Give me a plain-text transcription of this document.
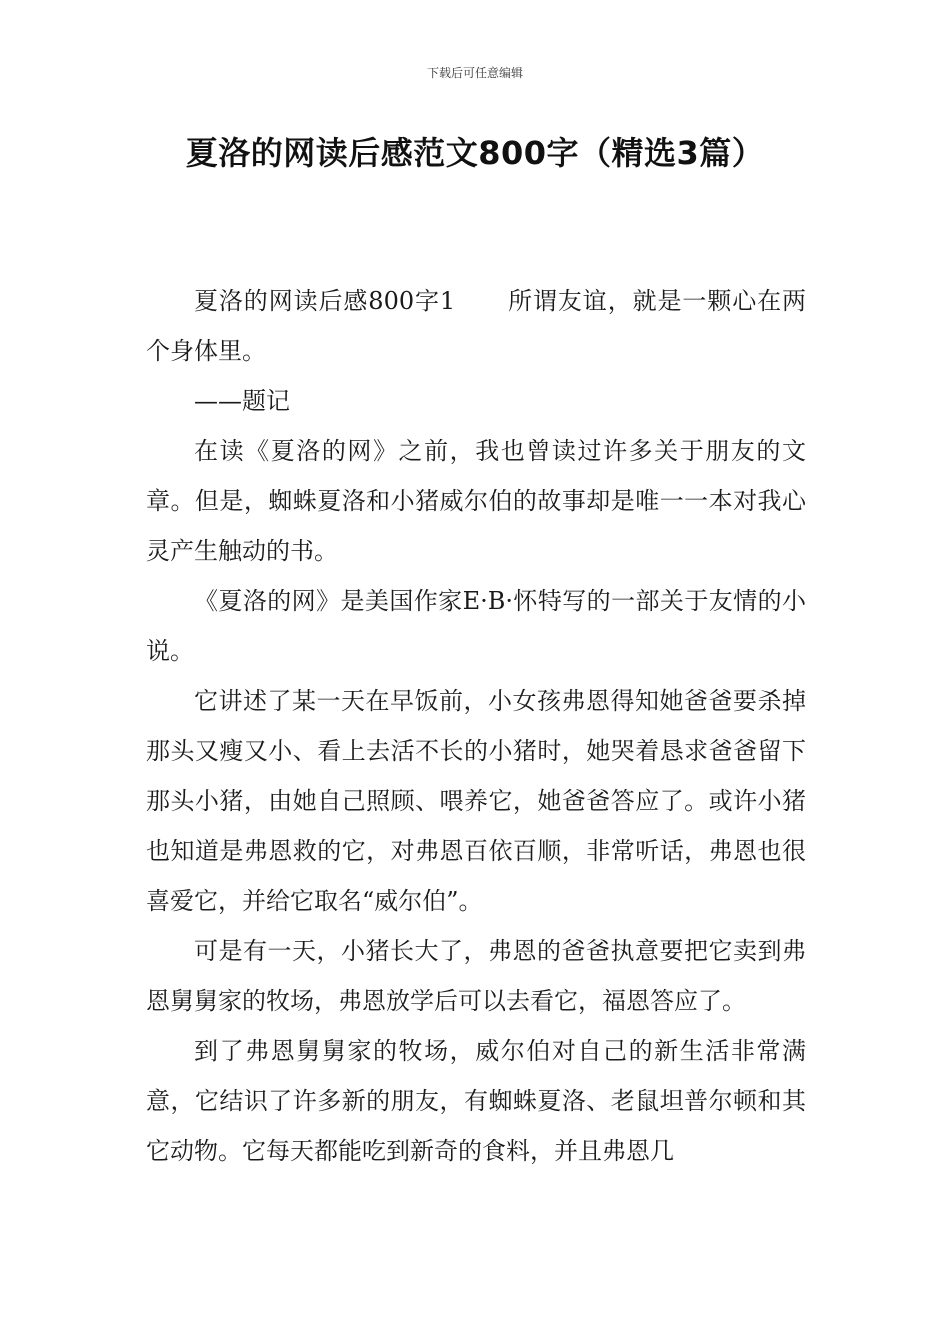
下载后可任意编辑
夏洛的网读后感范文800字（精选3篇）

夏洛的网读后感800字1 所谓友谊，就是一颗心在两个身体里。

——题记

在读《夏洛的网》之前，我也曾读过许多关于朋友的文章。但是，蜘蛛夏洛和小猪威尔伯的故事却是唯一一本对我心灵产生触动的书。

《夏洛的网》是美国作家E·B·怀特写的一部关于友情的小说。

它讲述了某一天在早饭前，小女孩弗恩得知她爸爸要杀掉那头又瘦又小、看上去活不长的小猪时，她哭着恳求爸爸留下那头小猪，由她自己照顾、喂养它，她爸爸答应了。或许小猪也知道是弗恩救的它，对弗恩百依百顺，非常听话，弗恩也很喜爱它，并给它取名“威尔伯”。

可是有一天，小猪长大了，弗恩的爸爸执意要把它卖到弗恩舅舅家的牧场，弗恩放学后可以去看它，福恩答应了。

到了弗恩舅舅家的牧场，威尔伯对自己的新生活非常满意，它结识了许多新的朋友，有蜘蛛夏洛、老鼠坦普尔顿和其它动物。它每天都能吃到新奇的食料，并且弗恩几
